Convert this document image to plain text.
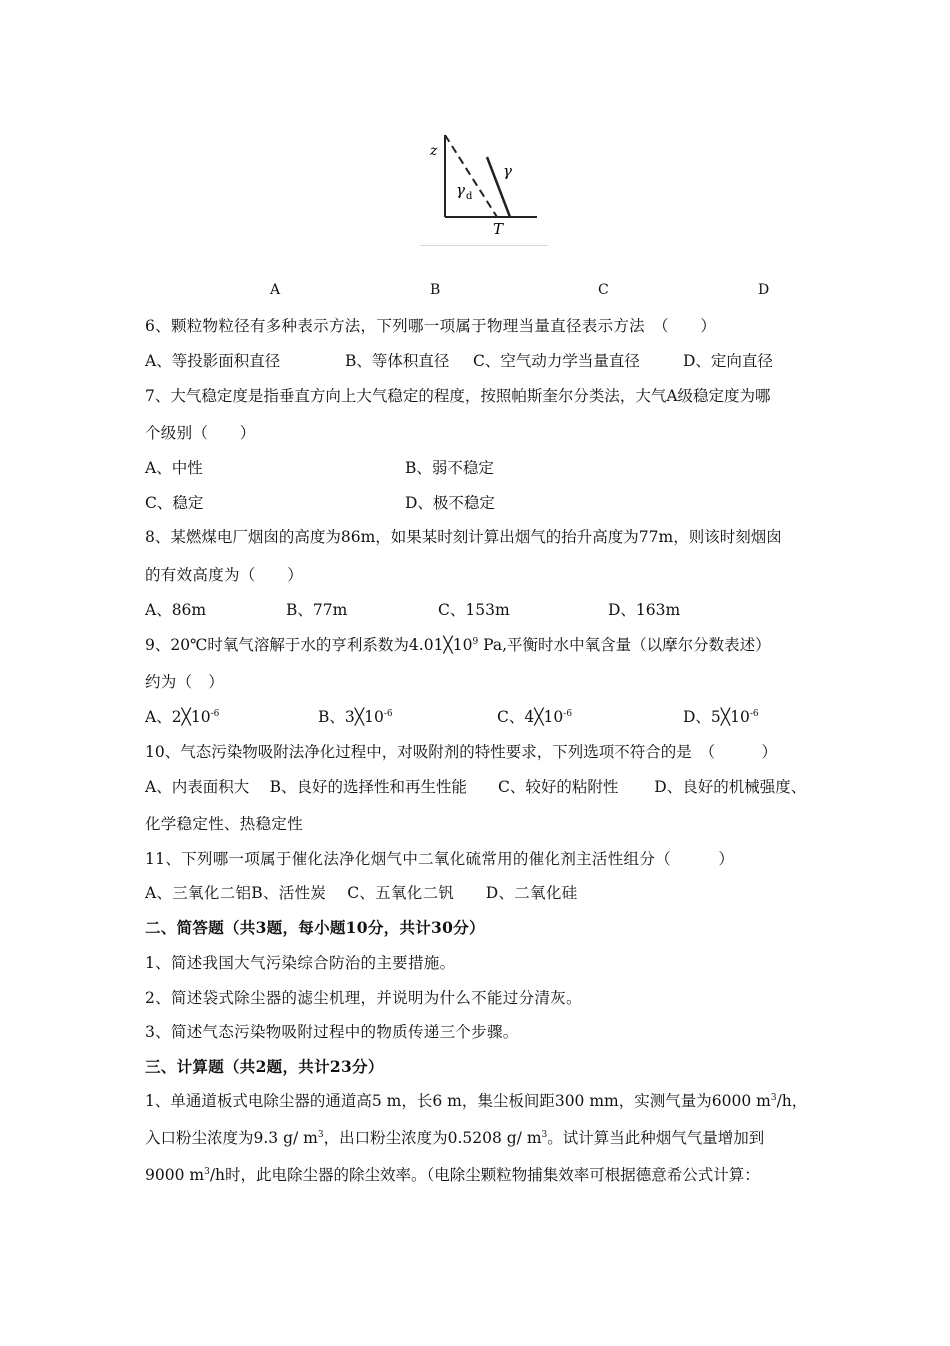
z
T
γ d
γ
A	B	C	D
6、颗粒物粒径有多种表示方法，下列哪一项属于物理当量直径表示方法　（　　）
A、等投影面积直径	B、等体积直径 C、空气动力学当量直径	D、定向直径
7、大气稳定度是指垂直方向上大气稳定的程度，按照帕斯奎尔分类法，大气A级稳定度为哪
个级别（　　）
A、中性	B、弱不稳定
C、稳定	D、极不稳定
8、某燃煤电厂烟囱的高度为86m，如果某时刻计算出烟气的抬升高度为77m，则该时刻烟囱
的有效高度为（　　）
A、86m	B、77m	C、153m	D、163m
9、20℃时氧气溶解于水的亨利系数为$4.01╳10^9$ Pa,平衡时水中氧含量（以摩尔分数表述）
约为（　）
A、$2╳10^{-6}$	B、$3╳10^{-6}$	C、$4╳10^{-6}$	D、$5╳10^{-6}$
10、气态污染物吸附法净化过程中，对吸附剂的特性要求，下列选项不符合的是　（　　　）
A、内表面积大　 B、良好的选择性和再生性能　　C、较好的粘附性　　 D、良好的机械强度、
化学稳定性、热稳定性
11、下列哪一项属于催化法净化烟气中二氧化硫常用的催化剂主活性组分（　　　）
A、三氧化二铝B、活性炭　 C、五氧化二钒　　D、二氧化硅
二、简答题（共3题，每小题10分，共计30分）
1、简述我国大气污染综合防治的主要措施。
2、简述袋式除尘器的滤尘机理，并说明为什么不能过分清灰。
3、简述气态污染物吸附过程中的物质传递三个步骤。
三、计算题（共2题，共计23分）
1、单通道板式电除尘器的通道高5 m，长6 m，集尘板间距300 mm，实测气量为6000 $m^3/h$，
入口粉尘浓度为9.3 g/ $m^3$，出口粉尘浓度为0.5208 g/ $m^3$。试计算当此种烟气气量增加到
9000 $m^3/h$时，此电除尘器的除尘效率。（电除尘颗粒物捕集效率可根据德意希公式计算：
